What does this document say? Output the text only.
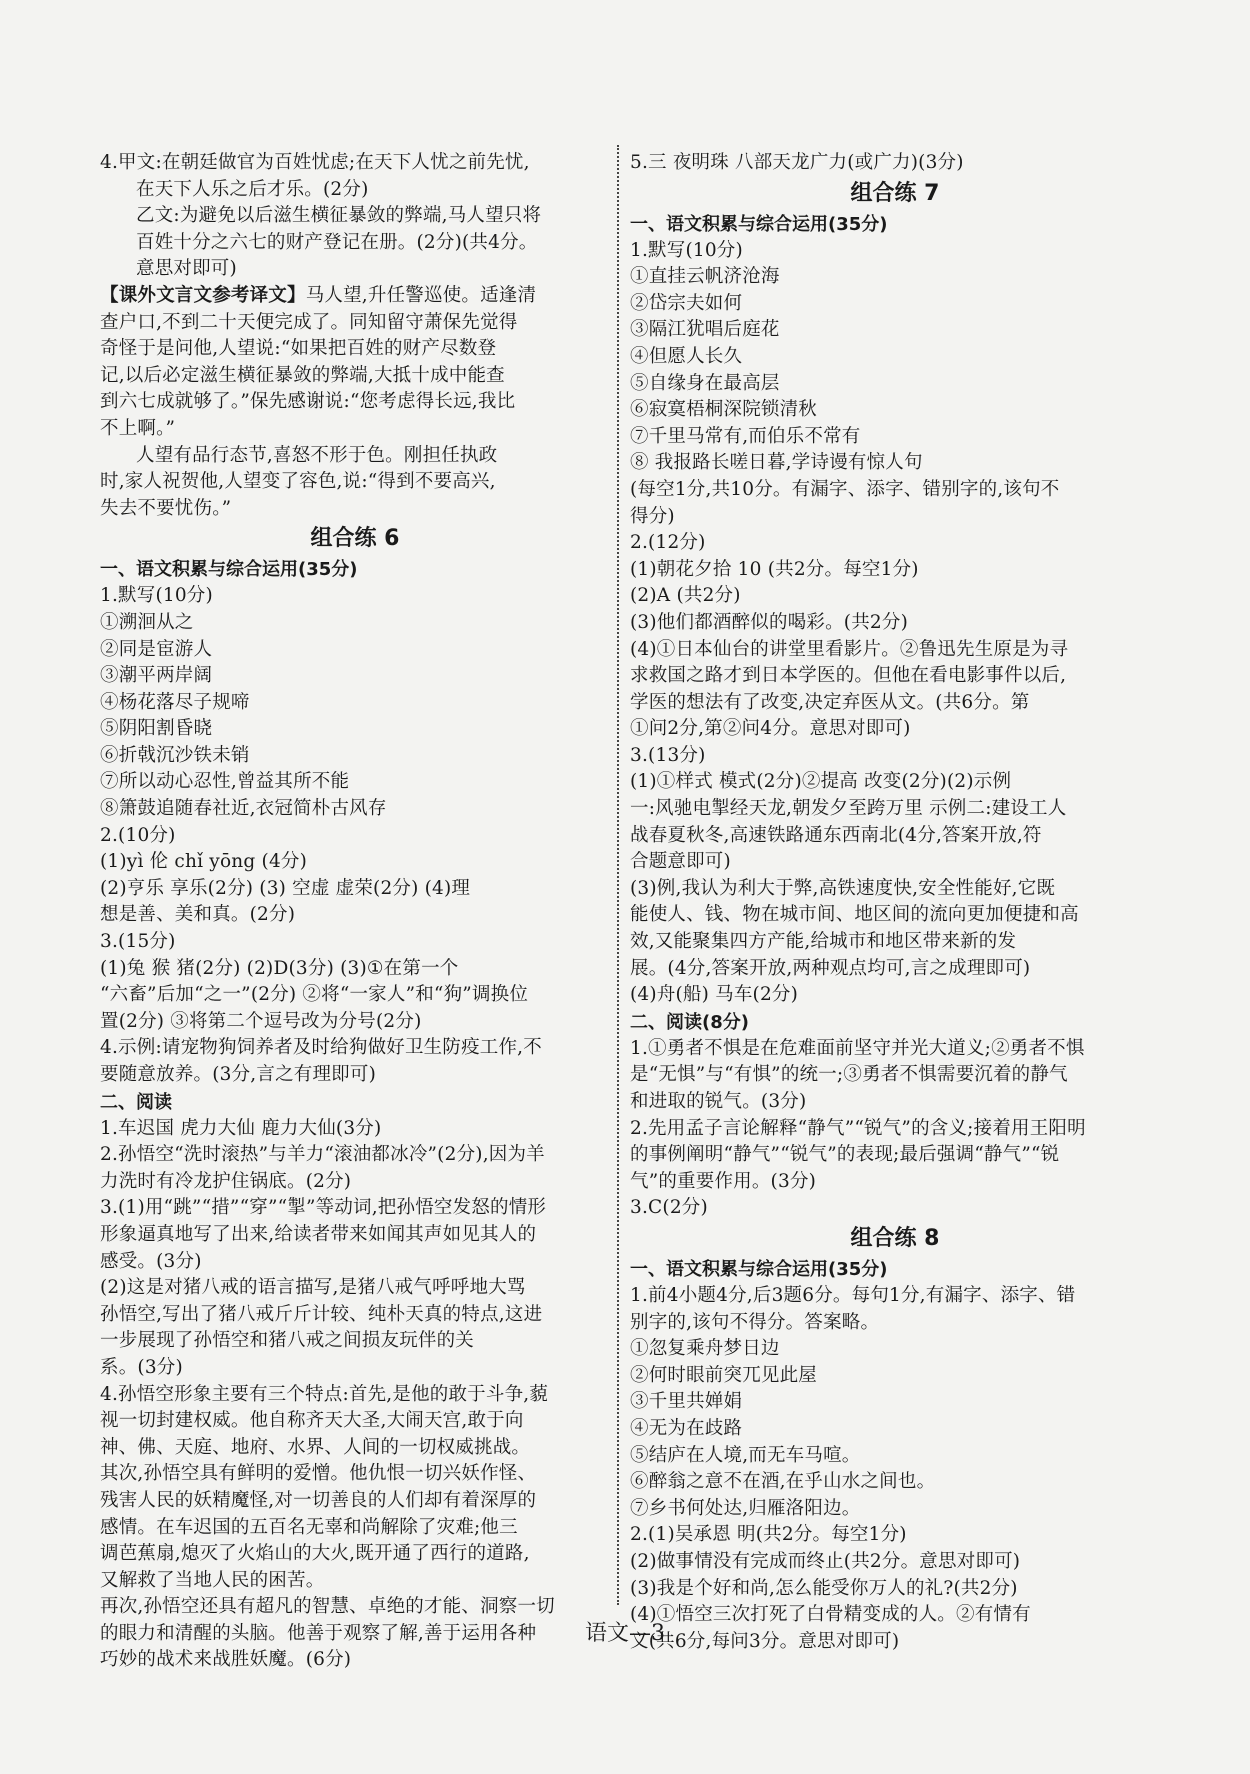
4.甲文:在朝廷做官为百姓忧虑;在天下人忧之前先忧,

在天下人乐之后才乐。(2分)

乙文:为避免以后滋生横征暴敛的弊端,马人望只将

百姓十分之六七的财产登记在册。(2分)(共4分。

意思对即可)

【课外文言文参考译文】马人望,升任警巡使。适逢清

查户口,不到二十天便完成了。同知留守萧保先觉得

奇怪于是问他,人望说:“如果把百姓的财产尽数登

记,以后必定滋生横征暴敛的弊端,大抵十成中能查

到六七成就够了。”保先感谢说:“您考虑得长远,我比

不上啊。”

人望有品行态节,喜怒不形于色。刚担任执政

时,家人祝贺他,人望变了容色,说:“得到不要高兴,

失去不要忧伤。”

组合练 6

一、语文积累与综合运用(35分)

1.默写(10分)

①溯洄从之

②同是宦游人

③潮平两岸阔

④杨花落尽子规啼

⑤阴阳割昏晓

⑥折戟沉沙铁未销

⑦所以动心忍性,曾益其所不能

⑧箫鼓追随春社近,衣冠简朴古风存

2.(10分)

(1)yì 伦 chǐ yōng (4分)

(2)亨乐 享乐(2分) (3) 空虚 虚荣(2分) (4)理

想是善、美和真。(2分)

3.(15分)

(1)兔 猴 猪(2分) (2)D(3分) (3)①在第一个

“六畜”后加“之一”(2分) ②将“一家人”和“狗”调换位

置(2分) ③将第二个逗号改为分号(2分)

4.示例:请宠物狗饲养者及时给狗做好卫生防疫工作,不

要随意放养。(3分,言之有理即可)

二、阅读

1.车迟国 虎力大仙 鹿力大仙(3分)

2.孙悟空“洗时滚热”与羊力“滚油都冰冷”(2分),因为羊

力洗时有冷龙护住锅底。(2分)

3.(1)用“跳”“措”“穿”“掣”等动词,把孙悟空发怒的情形

形象逼真地写了出来,给读者带来如闻其声如见其人的

感受。(3分)

(2)这是对猪八戒的语言描写,是猪八戒气呼呼地大骂

孙悟空,写出了猪八戒斤斤计较、纯朴天真的特点,这进

一步展现了孙悟空和猪八戒之间损友玩伴的关

系。(3分)

4.孙悟空形象主要有三个特点:首先,是他的敢于斗争,藐

视一切封建权威。他自称齐天大圣,大闹天宫,敢于向

神、佛、天庭、地府、水界、人间的一切权威挑战。

其次,孙悟空具有鲜明的爱憎。他仇恨一切兴妖作怪、

残害人民的妖精魔怪,对一切善良的人们却有着深厚的

感情。在车迟国的五百名无辜和尚解除了灾难;他三

调芭蕉扇,熄灭了火焰山的大火,既开通了西行的道路,

又解救了当地人民的困苦。

再次,孙悟空还具有超凡的智慧、卓绝的才能、洞察一切

的眼力和清醒的头脑。他善于观察了解,善于运用各种

巧妙的战术来战胜妖魔。(6分)

5.三 夜明珠 八部天龙广力(或广力)(3分)

组合练 7

一、语文积累与综合运用(35分)

1.默写(10分)

①直挂云帆济沧海

②岱宗夫如何

③隔江犹唱后庭花

④但愿人长久

⑤自缘身在最高层

⑥寂寞梧桐深院锁清秋

⑦千里马常有,而伯乐不常有

⑧ 我报路长嗟日暮,学诗谩有惊人句

(每空1分,共10分。有漏字、添字、错别字的,该句不

得分)

2.(12分)

(1)朝花夕拾 10 (共2分。每空1分)

(2)A (共2分)

(3)他们都酒醉似的喝彩。(共2分)

(4)①日本仙台的讲堂里看影片。②鲁迅先生原是为寻

求救国之路才到日本学医的。但他在看电影事件以后,

学医的想法有了改变,决定弃医从文。(共6分。第

①问2分,第②问4分。意思对即可)

3.(13分)

(1)①样式 模式(2分)②提高 改变(2分)(2)示例

一:风驰电掣经天龙,朝发夕至跨万里 示例二:建设工人

战春夏秋冬,高速铁路通东西南北(4分,答案开放,符

合题意即可)

(3)例,我认为利大于弊,高铁速度快,安全性能好,它既

能使人、钱、物在城市间、地区间的流向更加便捷和高

效,又能聚集四方产能,给城市和地区带来新的发

展。(4分,答案开放,两种观点均可,言之成理即可)

(4)舟(船) 马车(2分)

二、阅读(8分)

1.①勇者不惧是在危难面前坚守并光大道义;②勇者不惧

是“无惧”与“有惧”的统一;③勇者不惧需要沉着的静气

和进取的锐气。(3分)

2.先用孟子言论解释“静气”“锐气”的含义;接着用王阳明

的事例阐明“静气”“锐气”的表现;最后强调“静气”“锐

气”的重要作用。(3分)

3.C(2分)

组合练 8

一、语文积累与综合运用(35分)

1.前4小题4分,后3题6分。每句1分,有漏字、添字、错

别字的,该句不得分。答案略。

①忽复乘舟梦日边

②何时眼前突兀见此屋

③千里共婵娟

④无为在歧路

⑤结庐在人境,而无车马喧。

⑥醉翁之意不在酒,在乎山水之间也。

⑦乡书何处达,归雁洛阳边。

2.(1)吴承恩 明(共2分。每空1分)

(2)做事情没有完成而终止(共2分。意思对即可)

(3)我是个好和尚,怎么能受你万人的礼?(共2分)

(4)①悟空三次打死了白骨精变成的人。②有情有

义(共6分,每问3分。意思对即可)

语文—3
